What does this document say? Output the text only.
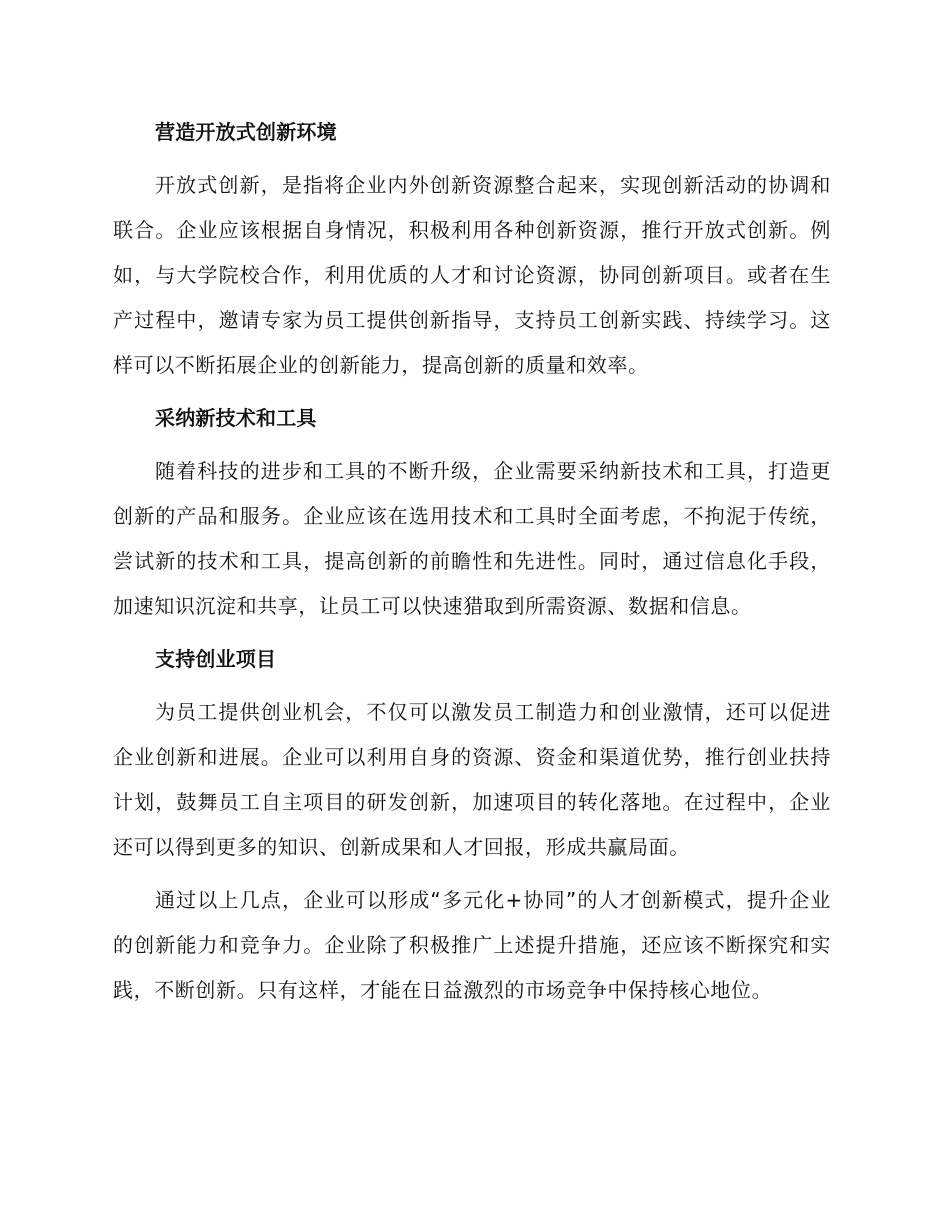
营造开放式创新环境

开放式创新，是指将企业内外创新资源整合起来，实现创新活动的协调和联合。企业应该根据自身情况，积极利用各种创新资源，推行开放式创新。例如，与大学院校合作，利用优质的人才和讨论资源，协同创新项目。或者在生产过程中，邀请专家为员工提供创新指导，支持员工创新实践、持续学习。这样可以不断拓展企业的创新能力，提高创新的质量和效率。

采纳新技术和工具

随着科技的进步和工具的不断升级，企业需要采纳新技术和工具，打造更创新的产品和服务。企业应该在选用技术和工具时全面考虑，不拘泥于传统，尝试新的技术和工具，提高创新的前瞻性和先进性。同时，通过信息化手段，加速知识沉淀和共享，让员工可以快速猎取到所需资源、数据和信息。

支持创业项目

为员工提供创业机会，不仅可以激发员工制造力和创业激情，还可以促进企业创新和进展。企业可以利用自身的资源、资金和渠道优势，推行创业扶持计划，鼓舞员工自主项目的研发创新，加速项目的转化落地。在过程中，企业还可以得到更多的知识、创新成果和人才回报，形成共赢局面。

通过以上几点，企业可以形成“多元化+协同”的人才创新模式，提升企业的创新能力和竞争力。企业除了积极推广上述提升措施，还应该不断探究和实践，不断创新。只有这样，才能在日益激烈的市场竞争中保持核心地位。
